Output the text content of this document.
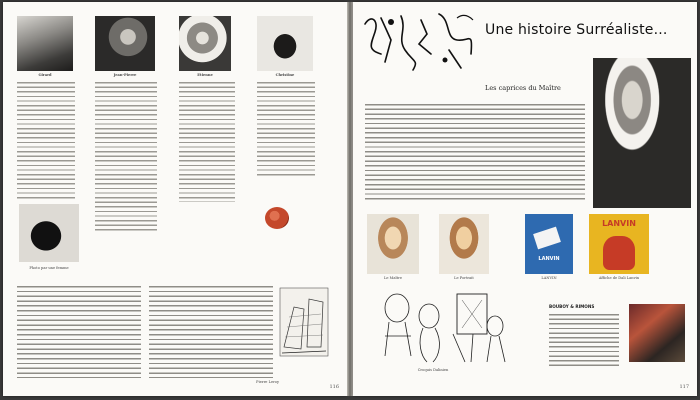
Girard	Jean-Pierre	Etienne	Christine
Photo par une femme
Pierre Leroy
116
Une histoire Surréaliste...
Les caprices du Maître
Le Maître	Le Portrait
LANVIN
LANVIN
LANVIN
Affiche de Dali Lanvin
Croquis Dalinien
BOUBOY & RIMONS
117
